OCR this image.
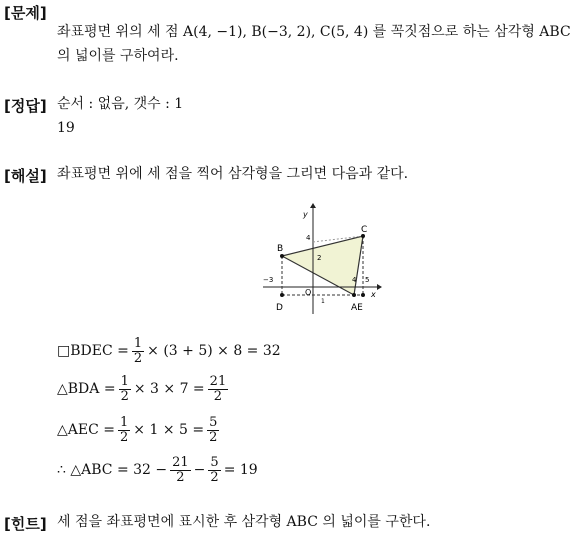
[문제]
좌표평면 위의 세 점 A(4, −1), B(−3, 2), C(5, 4) 를 꼭짓점으로 하는 삼각형 ABC
의 넓이를 구하여라.
[정답] 순서 : 없음, 갯수 : 1
19
[해설] 좌표평면 위에 세 점을 찍어 삼각형을 그리면 다음과 같다.
y
x
C
B
D	AE
O
4
2
−3	4 5
1
□BDEC = $\frac{1}{2} \times (3 + 5) \times 8 = 32$
△BDA = $\frac{1}{2} \times 3 \times 7 = \frac{21}{2}$
△AEC = $\frac{1}{2} \times 1 \times 5 = \frac{5}{2}$
∴ △ABC = $32 - \frac{21}{2} - \frac{5}{2} = 19$
[힌트] 세 점을 좌표평면에 표시한 후 삼각형 ABC 의 넓이를 구한다.
